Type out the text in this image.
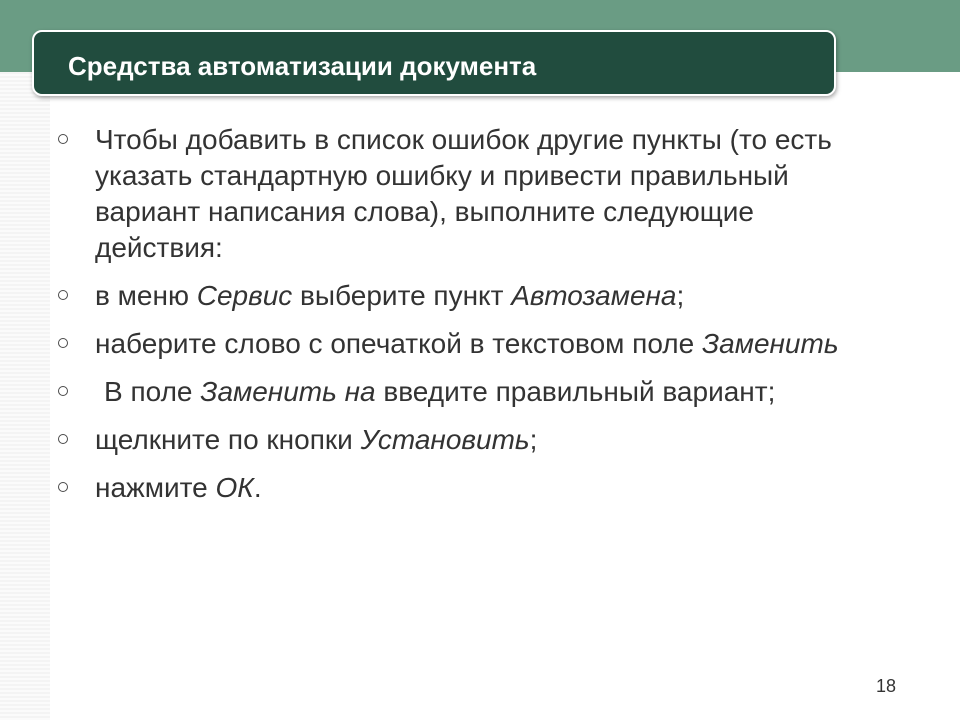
Средства автоматизации документа
Чтобы добавить в список ошибок другие пункты (то есть указать стандартную ошибку и привести правильный вариант написания слова), выполните следующие действия:
в меню Сервис выберите пункт Автозамена;
наберите слово с опечаткой в текстовом поле Заменить
В поле Заменить на введите правильный вариант;
щелкните по кнопки Установить;
нажмите ОК.
18
